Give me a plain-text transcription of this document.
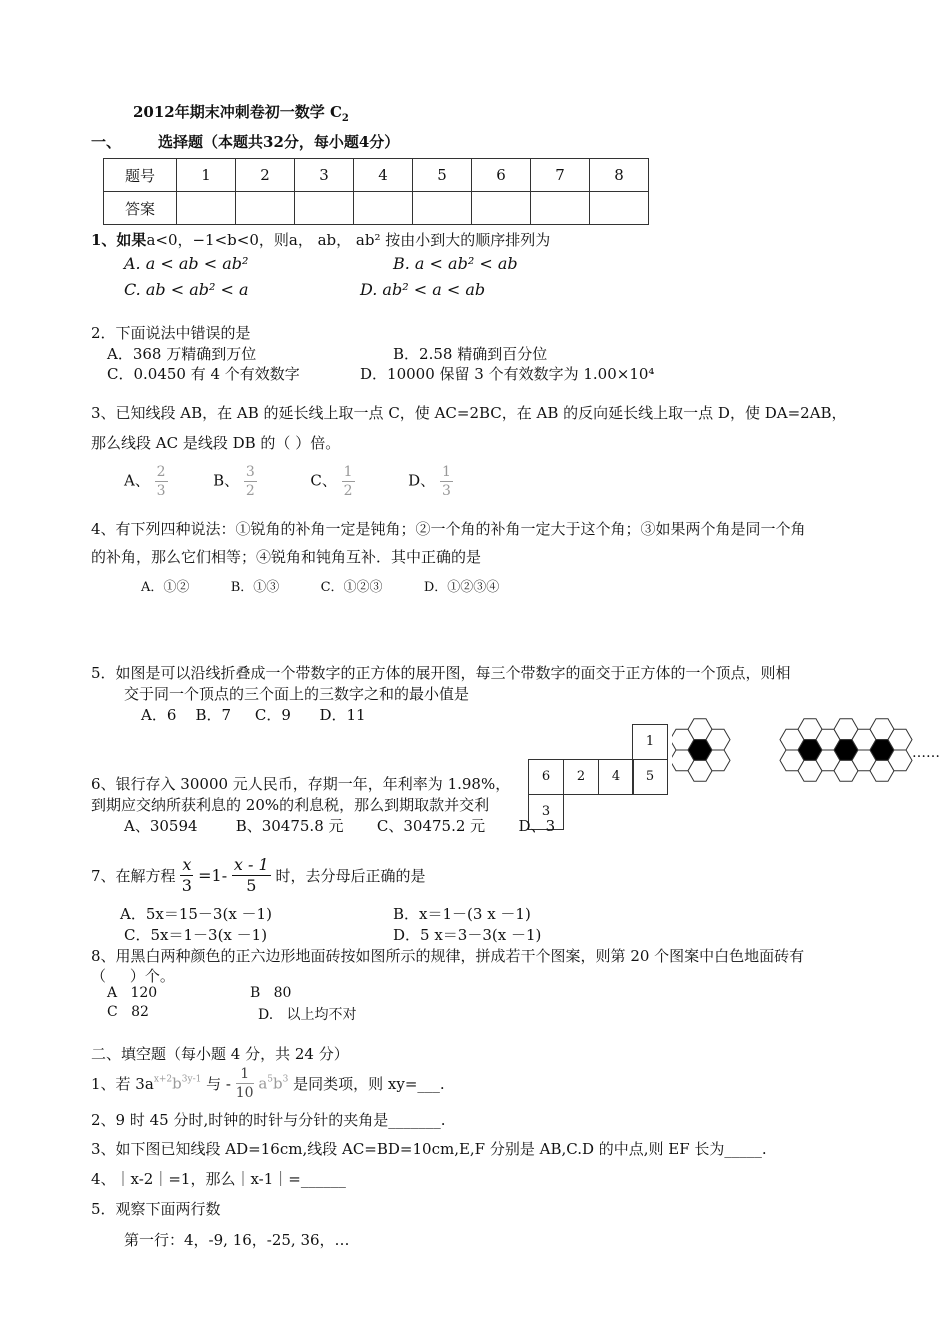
2012年期末冲刺卷初一数学 $C_2$
一、 选择题（本题共32分，每小题4分）
题号	1	2	3	4	5	6	7	8
答案								
1、如果a<0，−1<b<0，则a， ab， ab² 按由小到大的顺序排列为
A. a < ab < ab²	B. a < ab² < ab
C. ab < ab² < a	D. ab² < a < ab
2．下面说法中错误的是
A．368 万精确到万位	B．2.58 精确到百分位
C．0.0450 有 4 个有效数字	D．10000 保留 3 个有效数字为 1.00×10⁴
3、已知线段 AB，在 AB 的延长线上取一点 C，使 AC=2BC，在 AB 的反向延长线上取一点 D，使 DA=2AB，
那么线段 AC 是线段 DB 的（ ）倍。
A、 $\frac{2}{3}$	B、 $\frac{3}{2}$	C、 $\frac{1}{2}$	D、 $\frac{1}{3}$
4、有下列四种说法：①锐角的补角一定是钝角；②一个角的补角一定大于这个角；③如果两个角是同一个角
的补角，那么它们相等；④锐角和钝角互补．其中正确的是
A．①②          B．①③          C．①②③          D．①②③④
5．如图是可以沿线折叠成一个带数字的正方体的展开图，每三个带数字的面交于正方体的一个顶点，则相
交于同一个顶点的三个面上的三数字之和的最小值是
A．6    B．7     C．9      D．11
1
6	2	4	5
3
……
6、银行存入 30000 元人民币，存期一年，年利率为 1.98%，
到期应交纳所获利息的 20%的利息税，那么到期取款并交利
A、30594        B、30475.8 元       C、30475.2 元       D、3
7、在解方程 $\frac{x}{3} =1- \frac{x - 1}{5}$ 时，去分母后正确的是
A．5x＝15－3(x －1)	B．x＝1－(3 x －1)
C．5x＝1－3(x －1)	D．5 x＝3－3(x －1)
8、用黑白两种颜色的正六边形地面砖按如图所示的规律，拼成若干个图案，则第 20 个图案中白色地面砖有
（     ）个。
A   120	B   80
C   82	D.   以上均不对
二、填空题（每小题 4 分，共 24 分）
1、若 $3a^{x+2}b^{3y-1}$ 与 - $\frac{1}{10} a^5b^3$ 是同类项，则 xy=___.
2、9 时 45 分时,时钟的时针与分针的夹角是_______.
3、如下图已知线段 AD=16cm,线段 AC=BD=10cm,E,F 分别是 AB,C.D 的中点,则 EF 长为_____.
4、｜x-2｜=1，那么｜x-1｜=______
5．观察下面两行数
第一行：4，-9, 16，-25, 36，…
